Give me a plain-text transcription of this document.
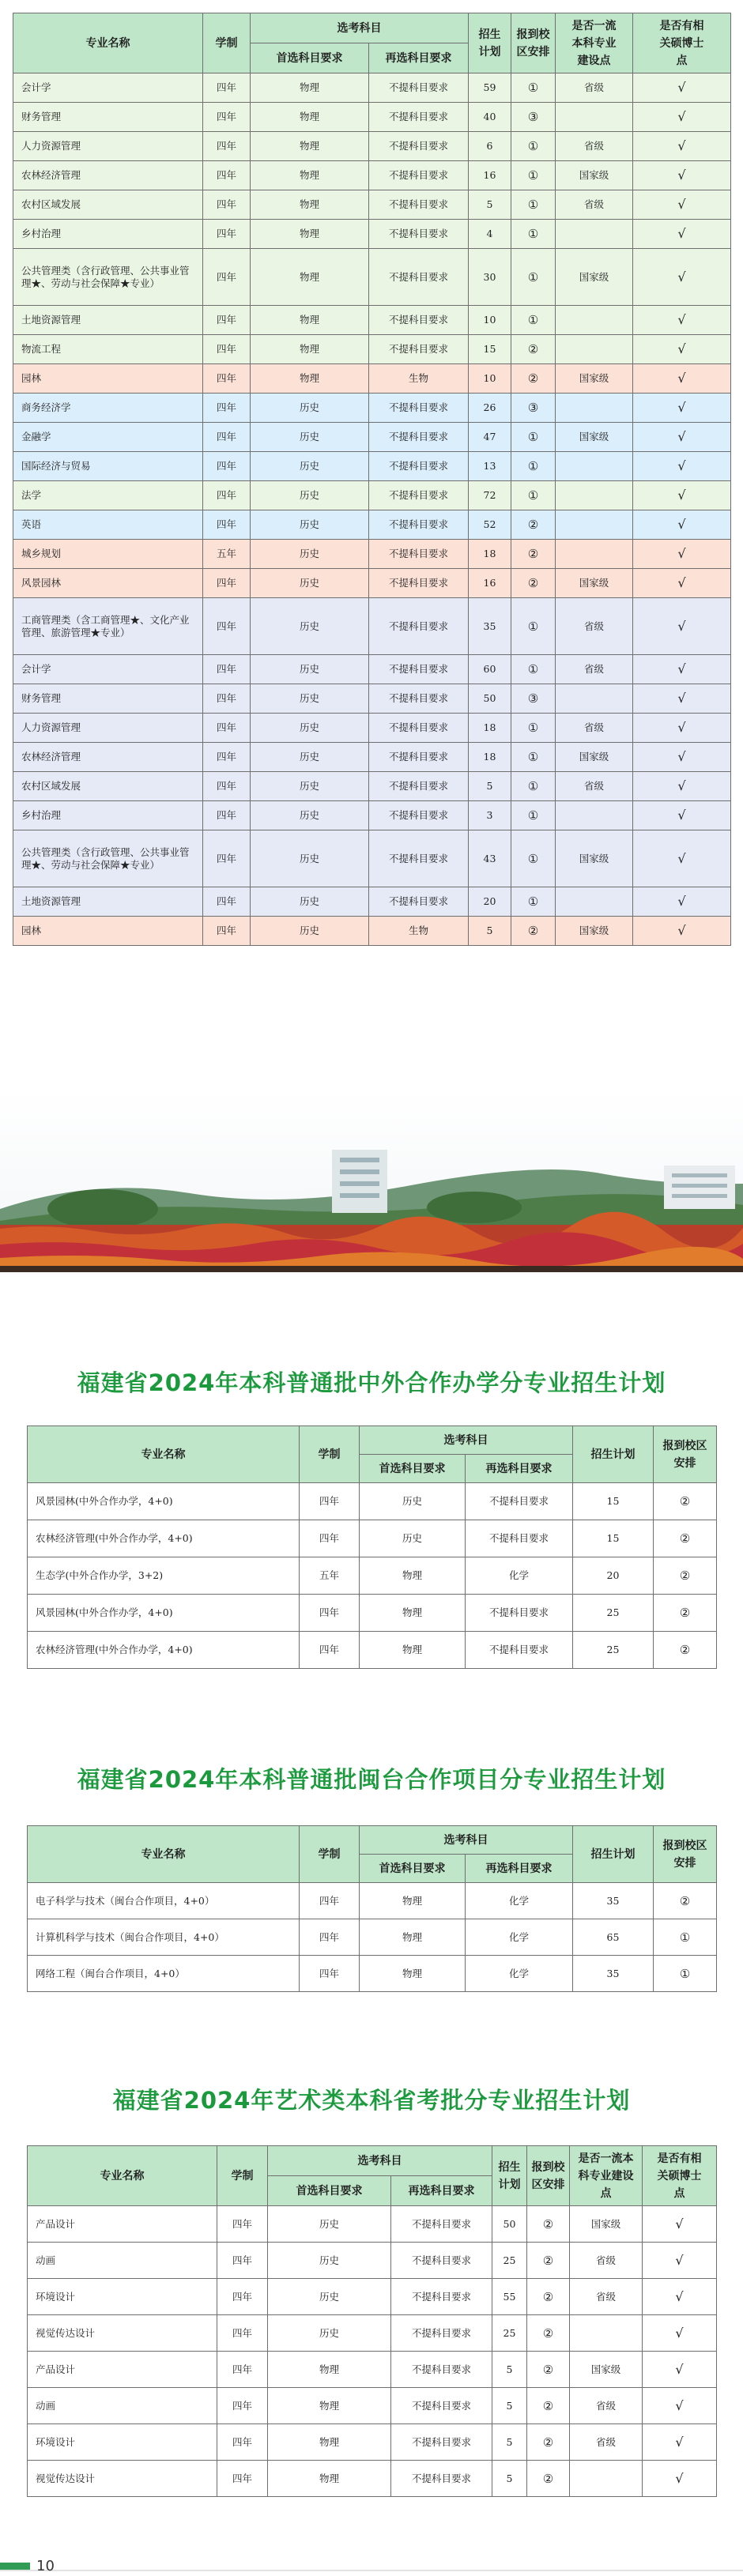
专业名称	学制	选考科目		招生计划	报到校区安排	是否一流本科专业建设点	是否有相关硕博士点
		首选科目要求	再选科目要求				
会计学	四年	物理	不提科目要求	59	①	省级	√
财务管理	四年	物理	不提科目要求	40	③		√
人力资源管理	四年	物理	不提科目要求	6	①	省级	√
农林经济管理	四年	物理	不提科目要求	16	①	国家级	√
农村区域发展	四年	物理	不提科目要求	5	①	省级	√
乡村治理	四年	物理	不提科目要求	4	①		√
公共管理类（含行政管理、公共事业管理★、劳动与社会保障★专业）	四年	物理	不提科目要求	30	①	国家级	√
土地资源管理	四年	物理	不提科目要求	10	①		√
物流工程	四年	物理	不提科目要求	15	②		√
园林	四年	物理	生物	10	②	国家级	√
商务经济学	四年	历史	不提科目要求	26	③		√
金融学	四年	历史	不提科目要求	47	①	国家级	√
国际经济与贸易	四年	历史	不提科目要求	13	①		√
法学	四年	历史	不提科目要求	72	①		√
英语	四年	历史	不提科目要求	52	②		√
城乡规划	五年	历史	不提科目要求	18	②		√
风景园林	四年	历史	不提科目要求	16	②	国家级	√
工商管理类（含工商管理★、文化产业管理、旅游管理★专业）	四年	历史	不提科目要求	35	①	省级	√
会计学	四年	历史	不提科目要求	60	①	省级	√
财务管理	四年	历史	不提科目要求	50	③		√
人力资源管理	四年	历史	不提科目要求	18	①	省级	√
农林经济管理	四年	历史	不提科目要求	18	①	国家级	√
农村区域发展	四年	历史	不提科目要求	5	①	省级	√
乡村治理	四年	历史	不提科目要求	3	①		√
公共管理类（含行政管理、公共事业管理★、劳动与社会保障★专业）	四年	历史	不提科目要求	43	①	国家级	√
土地资源管理	四年	历史	不提科目要求	20	①		√
园林	四年	历史	生物	5	②	国家级	√
福建省2024年本科普通批中外合作办学分专业招生计划
专业名称	学制	选考科目		招生计划	报到校区安排
		首选科目要求	再选科目要求		
风景园林(中外合作办学，4+0)	四年	历史	不提科目要求	15	②
农林经济管理(中外合作办学，4+0)	四年	历史	不提科目要求	15	②
生态学(中外合作办学，3+2)	五年	物理	化学	20	②
风景园林(中外合作办学，4+0)	四年	物理	不提科目要求	25	②
农林经济管理(中外合作办学，4+0)	四年	物理	不提科目要求	25	②
福建省2024年本科普通批闽台合作项目分专业招生计划
专业名称	学制	选考科目		招生计划	报到校区安排
		首选科目要求	再选科目要求		
电子科学与技术（闽台合作项目，4+0）	四年	物理	化学	35	②
计算机科学与技术（闽台合作项目，4+0）	四年	物理	化学	65	①
网络工程（闽台合作项目，4+0）	四年	物理	化学	35	①
福建省2024年艺术类本科省考批分专业招生计划
专业名称	学制	选考科目		招生计划	报到校区安排	是否一流本科专业建设点	是否有相关硕博士点
		首选科目要求	再选科目要求				
产品设计	四年	历史	不提科目要求	50	②	国家级	√
动画	四年	历史	不提科目要求	25	②	省级	√
环境设计	四年	历史	不提科目要求	55	②	省级	√
视觉传达设计	四年	历史	不提科目要求	25	②		√
产品设计	四年	物理	不提科目要求	5	②	国家级	√
动画	四年	物理	不提科目要求	5	②	省级	√
环境设计	四年	物理	不提科目要求	5	②	省级	√
视觉传达设计	四年	物理	不提科目要求	5	②		√
10
